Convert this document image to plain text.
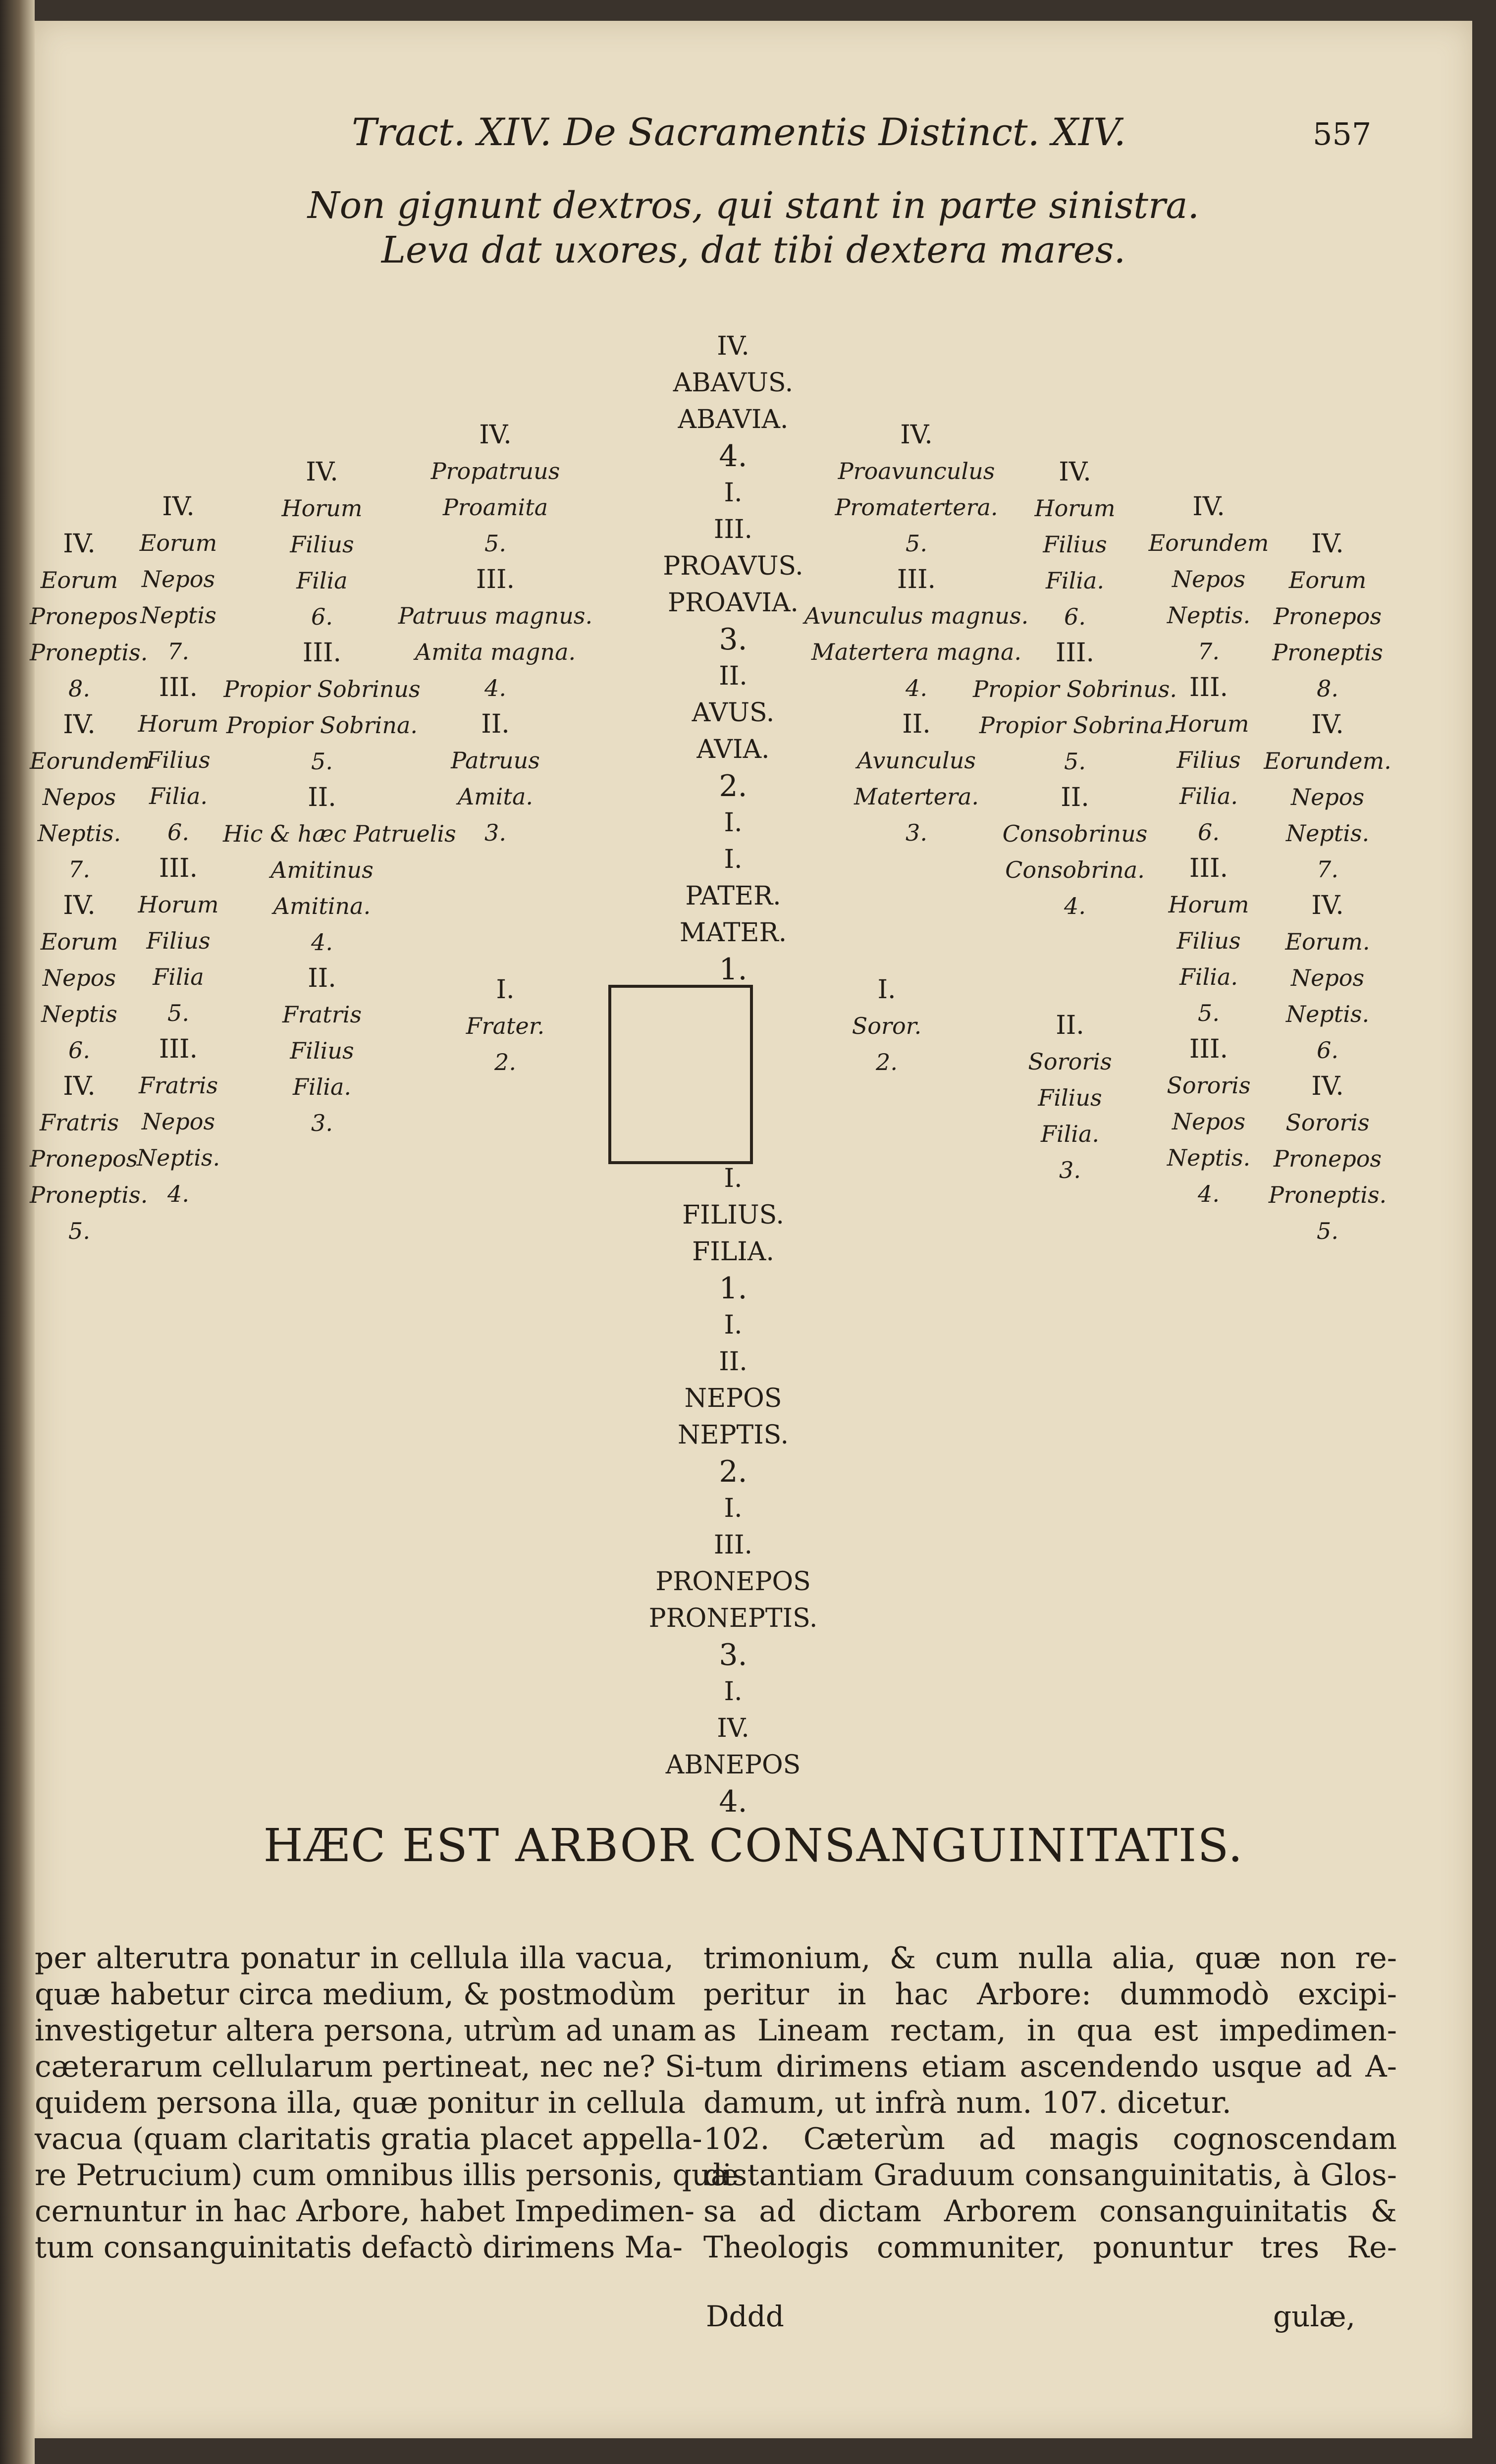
Tract. XIV. De Sacramentis Distinct. XIV.	557
Non gignunt dextros, qui stant in parte sinistra.
Leva dat uxores, dat tibi dextera mares.
IV.
ABAVUS.
ABAVIA.
4.
I.
III.
PROAVUS.
PROAVIA.
3.
II.
AVUS.
AVIA.
2.
I.
I.
PATER.
MATER.
1.
I.
FILIUS.
FILIA.
1.
I.
II.
NEPOS
NEPTIS.
2.
I.
III.
PRONEPOS
PRONEPTIS.
3.
I.
IV.
ABNEPOS
4.
IV.
Eorum
Pronepos
Proneptis.
8.
IV.
Eorundem
Nepos
Neptis.
7.
IV.
Eorum
Nepos
Neptis
6.
IV.
Fratris
Pronepos
Proneptis.
5.
IV.
Eorum
Nepos
Neptis
7.
III.
Horum
Filius
Filia.
6.
III.
Horum
Filius
Filia
5.
III.
Fratris
Nepos
Neptis.
4.
IV.
Horum
Filius
Filia
6.
III.
Propior Sobrinus
Propior Sobrina.
5.
II.
Hic & hæc Patruelis
Amitinus
Amitina.
4.
II.
Fratris
Filius
Filia.
3.
IV.
Propatruus
Proamita
5.
III.
Patruus magnus.
Amita magna.
4.
II.
Patruus
Amita.
3.
I.
Frater.
2.
IV.
Proavunculus
Promatertera.
5.
III.
Avunculus magnus.
Matertera magna.
4.
II.
Avunculus
Matertera.
3.
I.
Soror.
2.
IV.
Horum
Filius
Filia.
6.
III.
Propior Sobrinus.
Propior Sobrina.
5.
II.
Consobrinus
Consobrina.
4.
II.
Sororis
Filius
Filia.
3.
IV.
Eorundem
Nepos
Neptis.
7.
III.
Horum
Filius
Filia.
6.
III.
Horum
Filius
Filia.
5.
III.
Sororis
Nepos
Neptis.
4.
IV.
Eorum
Pronepos
Proneptis
8.
IV.
Eorundem.
Nepos
Neptis.
7.
IV.
Eorum.
Nepos
Neptis.
6.
IV.
Sororis
Pronepos
Proneptis.
5.
HÆC EST ARBOR CONSANGUINITATIS.
per alterutra ponatur in cellula illa vacua,
quæ habetur circa medium, & postmodùm
investigetur altera persona, utrùm ad unam
cæterarum cellularum pertineat, nec ne? Si-
quidem persona illa, quæ ponitur in cellula
vacua (quam claritatis gratia placet appella-
re Petrucium) cum omnibus illis personis, quæ
cernuntur in hac Arbore, habet Impedimen-
tum consanguinitatis defactò dirimens Ma-
trimonium, & cum nulla alia, quæ non re-
peritur in hac Arbore: dummodò excipi-
as Lineam rectam, in qua est impedimen-
tum dirimens etiam ascendendo usque ad A-
damum, ut infrà num. 107. dicetur.
102. Cæterùm ad magis cognoscendam
distantiam Graduum consanguinitatis, à Glos-
sa ad dictam Arborem consanguinitatis &
Theologis communiter, ponuntur tres Re-
Dddd	gulæ,
